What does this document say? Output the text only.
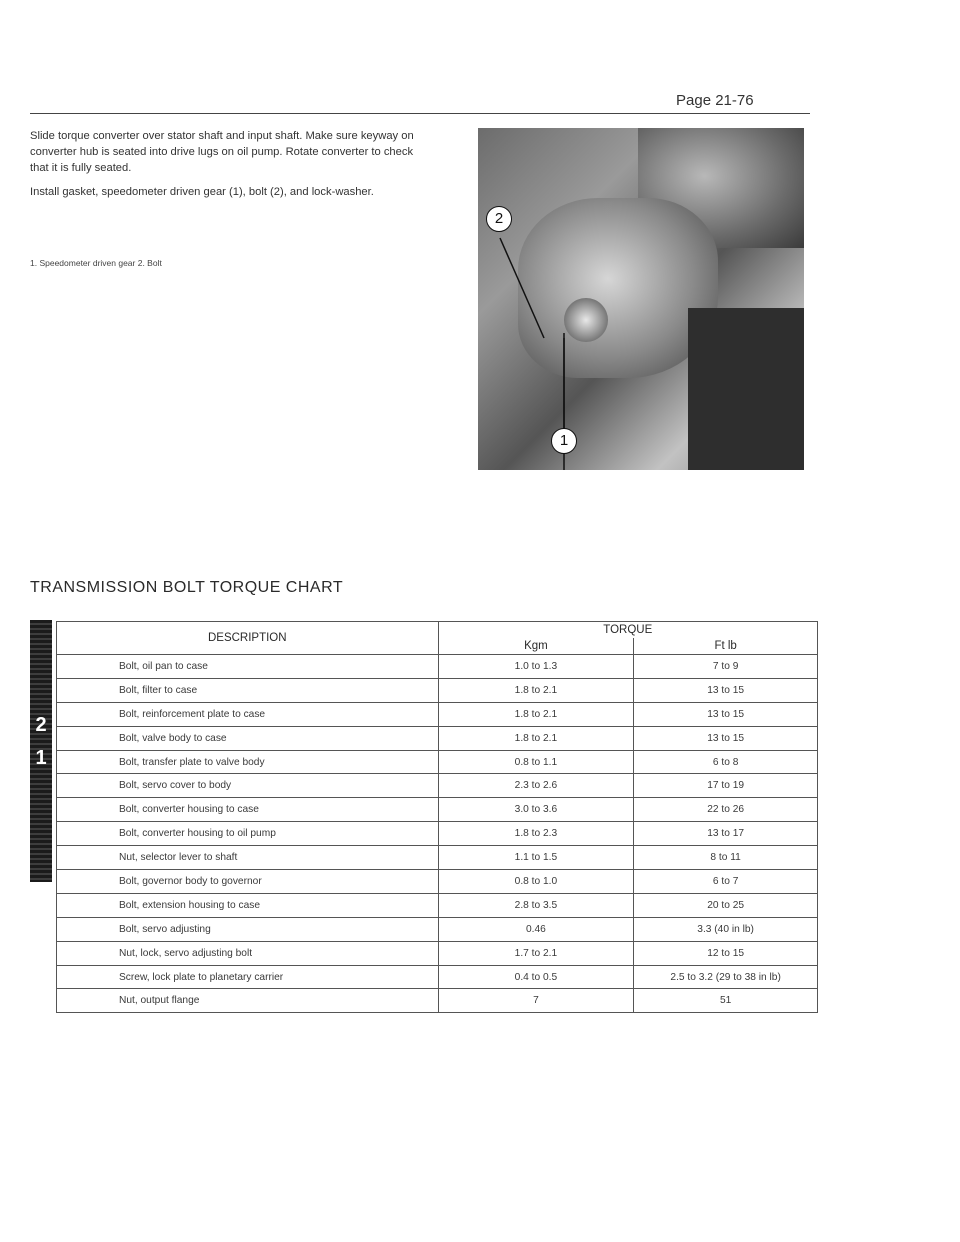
Page 21-76

Slide torque converter over stator shaft and input shaft. Make sure keyway on converter hub is seated into drive lugs on oil pump. Rotate converter to check that it is fully seated.

Install gasket, speedometer driven gear (1), bolt (2), and lock-washer.

1. Speedometer driven gear 2. Bolt
2
1
TRANSMISSION BOLT TORQUE CHART
2
1
DESCRIPTION	TORQUE	
	Kgm	Ft lb
Bolt, oil pan to case	1.0 to 1.3	7 to 9
Bolt, filter to case	1.8 to 2.1	13 to 15
Bolt, reinforcement plate to case	1.8 to 2.1	13 to 15
Bolt, valve body to case	1.8 to 2.1	13 to 15
Bolt, transfer plate to valve body	0.8 to 1.1	6 to 8
Bolt, servo cover to body	2.3 to 2.6	17 to 19
Bolt, converter housing to case	3.0 to 3.6	22 to 26
Bolt, converter housing to oil pump	1.8 to 2.3	13 to 17
Nut, selector lever to shaft	1.1 to 1.5	8 to 11
Bolt, governor body to governor	0.8 to 1.0	6 to 7
Bolt, extension housing to case	2.8 to 3.5	20 to 25
Bolt, servo adjusting	0.46	3.3 (40 in lb)
Nut, lock, servo adjusting bolt	1.7 to 2.1	12 to 15
Screw, lock plate to planetary carrier	0.4 to 0.5	2.5 to 3.2 (29 to 38 in lb)
Nut, output flange	7	51
